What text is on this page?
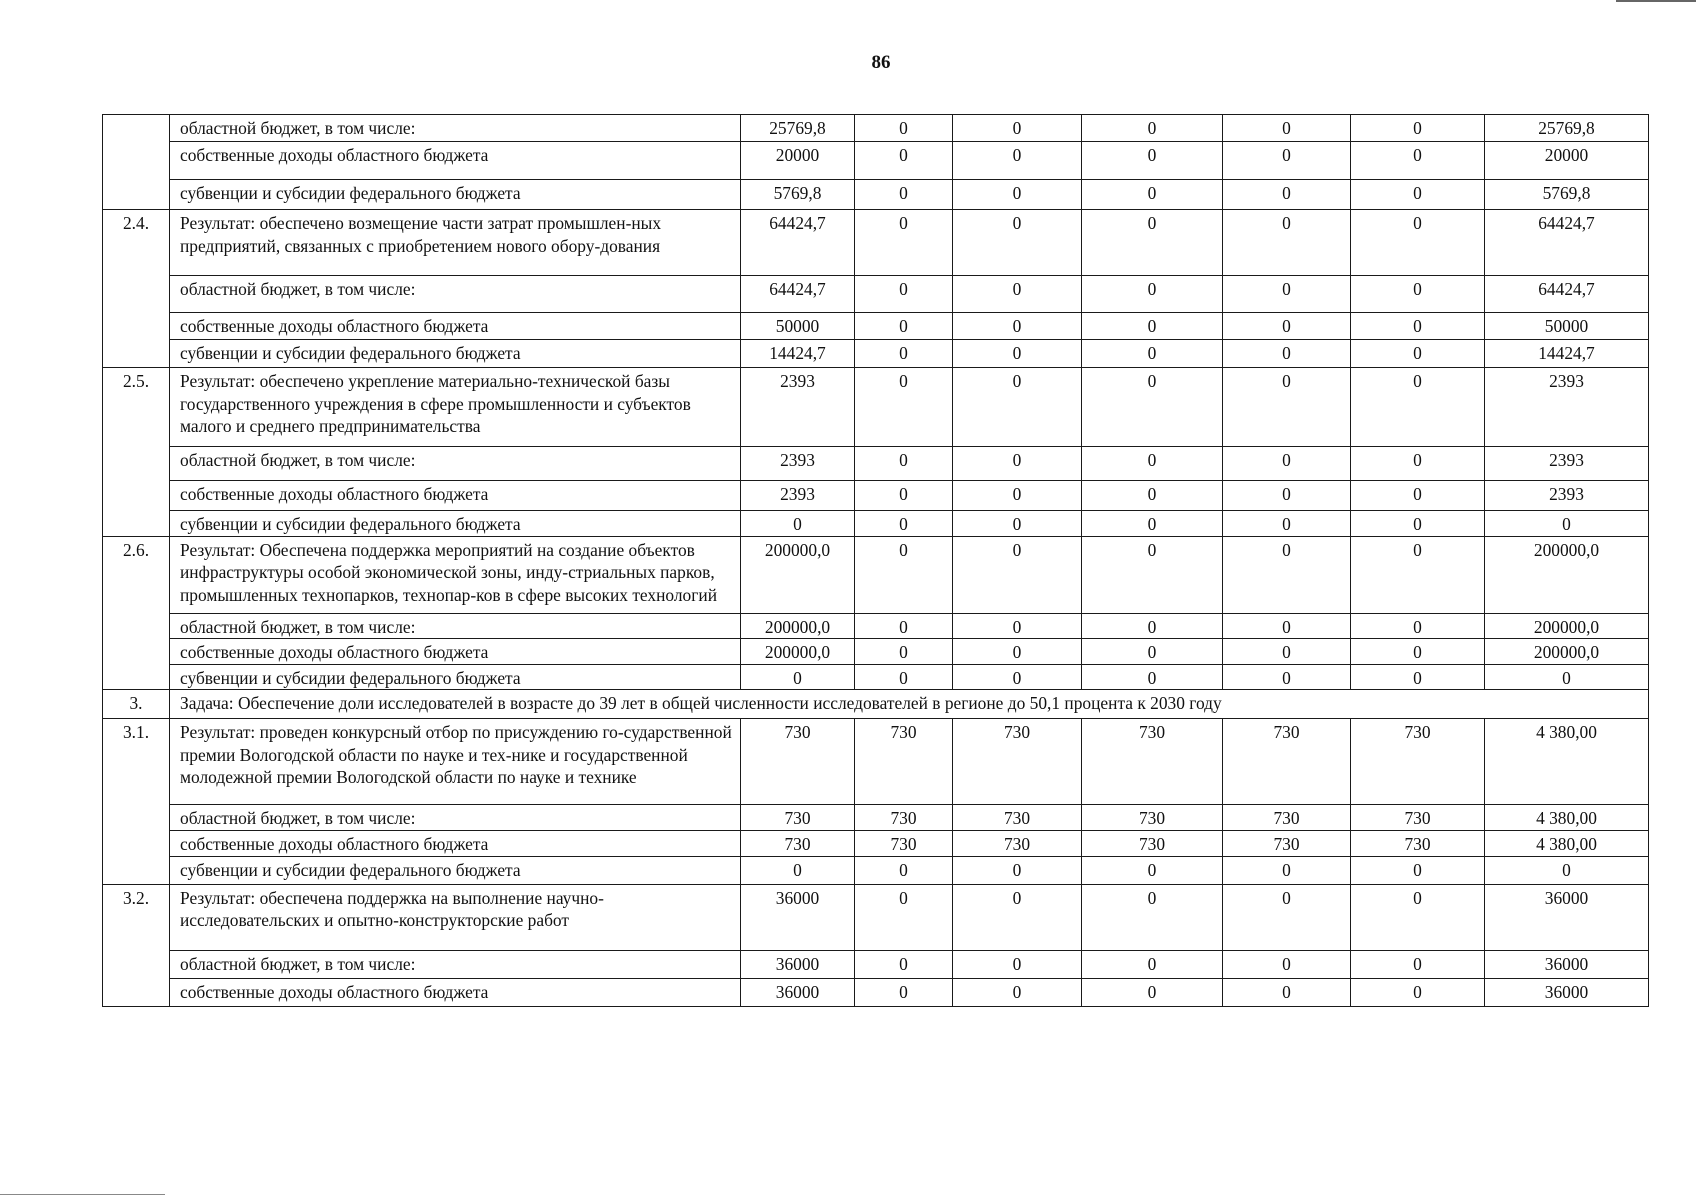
86
	областной бюджет, в том числе:	25769,8	0	0	0	0	0	25769,8
	собственные доходы областного бюджета	20000	0	0	0	0	0	20000
	субвенции и субсидии федерального бюджета	5769,8	0	0	0	0	0	5769,8
2.4.	Результат: обеспечено возмещение части затрат промышлен-ных предприятий, связанных с приобретением нового обору-дования	64424,7	0	0	0	0	0	64424,7
	областной бюджет, в том числе:	64424,7	0	0	0	0	0	64424,7
	собственные доходы областного бюджета	50000	0	0	0	0	0	50000
	субвенции и субсидии федерального бюджета	14424,7	0	0	0	0	0	14424,7
2.5.	Результат: обеспечено укрепление материально-технической базы государственного учреждения в сфере промышленности и субъектов малого и среднего предпринимательства	2393	0	0	0	0	0	2393
	областной бюджет, в том числе:	2393	0	0	0	0	0	2393
	собственные доходы областного бюджета	2393	0	0	0	0	0	2393
	субвенции и субсидии федерального бюджета	0	0	0	0	0	0	0
2.6.	Результат: Обеспечена поддержка мероприятий на создание объектов инфраструктуры особой экономической зоны, инду-стриальных парков, промышленных технопарков, технопар-ков в сфере высоких технологий	200000,0	0	0	0	0	0	200000,0
	областной бюджет, в том числе:	200000,0	0	0	0	0	0	200000,0
	собственные доходы областного бюджета	200000,0	0	0	0	0	0	200000,0
	субвенции и субсидии федерального бюджета	0	0	0	0	0	0	0
3.	Задача: Обеспечение доли исследователей в возрасте до 39 лет в общей численности исследователей в регионе до 50,1 процента к 2030 году							
3.1.	Результат: проведен конкурсный отбор по присуждению го-сударственной премии Вологодской области по науке и тех-нике и государственной молодежной премии Вологодской области по науке и технике	730	730	730	730	730	730	4 380,00
	областной бюджет, в том числе:	730	730	730	730	730	730	4 380,00
	собственные доходы областного бюджета	730	730	730	730	730	730	4 380,00
	субвенции и субсидии федерального бюджета	0	0	0	0	0	0	0
3.2.	Результат: обеспечена поддержка на выполнение научно-исследовательских и опытно-конструкторские работ	36000	0	0	0	0	0	36000
	областной бюджет, в том числе:	36000	0	0	0	0	0	36000
	собственные доходы областного бюджета	36000	0	0	0	0	0	36000
